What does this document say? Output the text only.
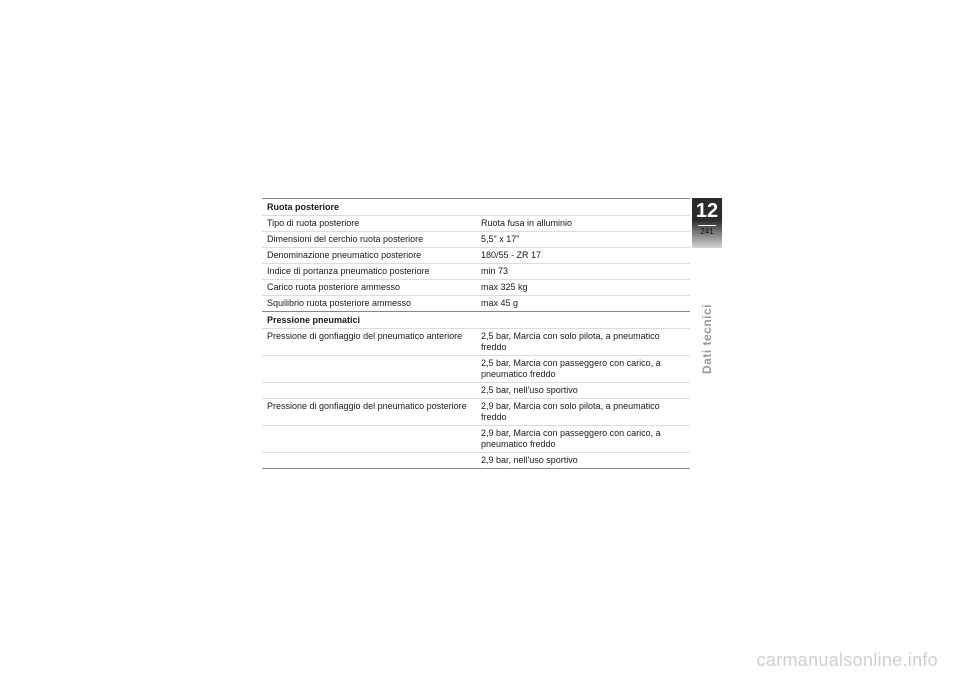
Ruota posteriore	
Tipo di ruota posteriore	Ruota fusa in alluminio
Dimensioni del cerchio ruota posteriore	5,5" x 17"
Denominazione pneumatico posteriore	180/55 - ZR 17
Indice di portanza pneumatico posteriore	min 73
Carico ruota posteriore ammesso	max 325 kg
Squilibrio ruota posteriore ammesso	max 45 g
Pressione pneumatici	
Pressione di gonfiaggio del pneumatico anteriore	2,5 bar, Marcia con solo pilota, a pneumatico freddo
	2,5 bar, Marcia con passeggero con carico, a pneumatico freddo
	2,5 bar, nell'uso sportivo
Pressione di gonfiaggio del pneumatico posteriore	2,9 bar, Marcia con solo pilota, a pneumatico freddo
	2,9 bar, Marcia con passeggero con carico, a pneumatico freddo
	2,9 bar, nell'uso sportivo
12
241
Dati tecnici
carmanualsonline.info
